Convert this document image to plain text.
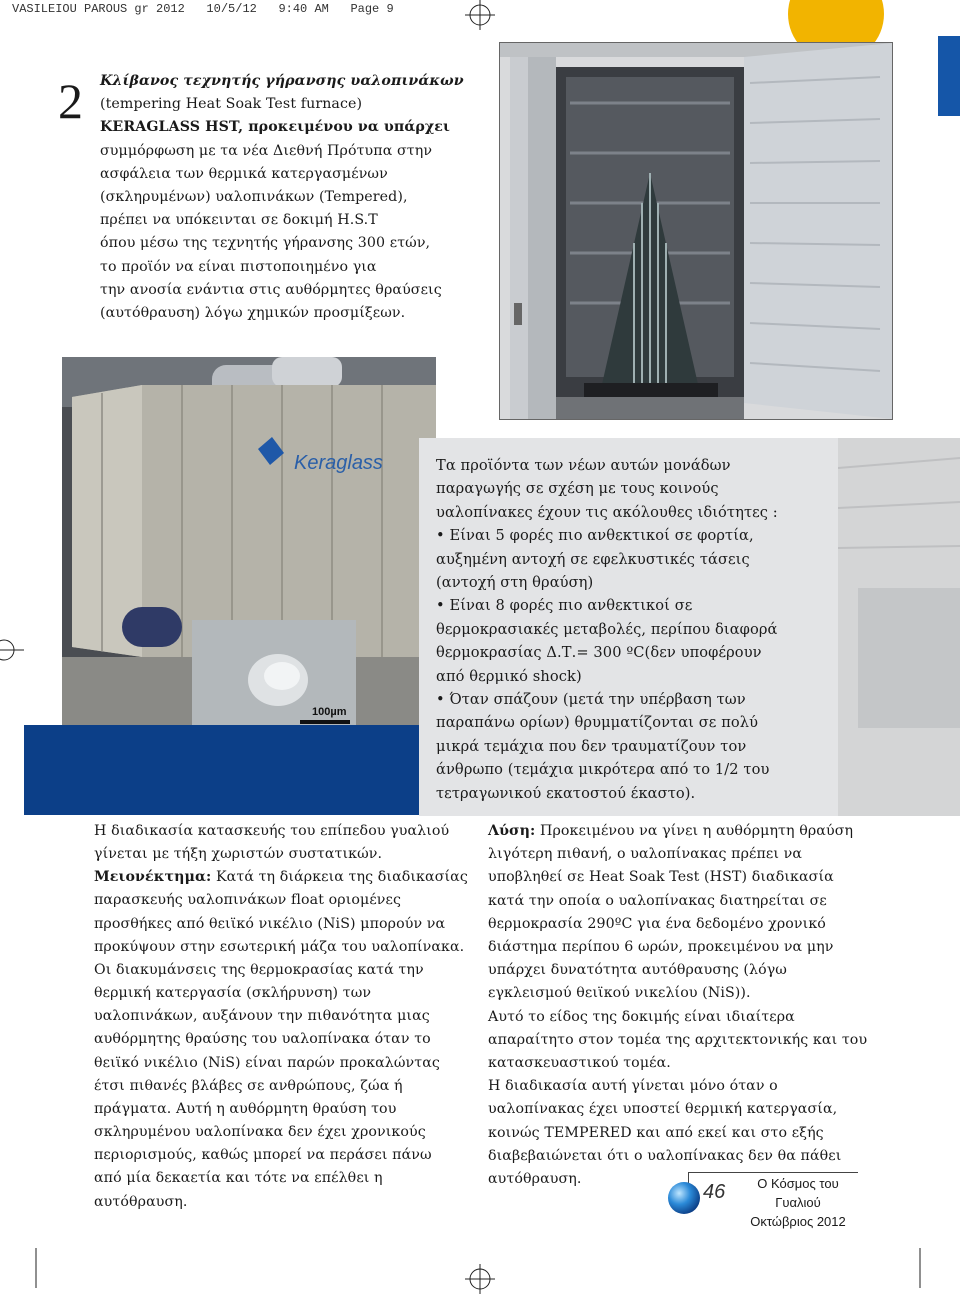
VASILEIOU PAROUS gr 2012   10/5/12   9:40 AM   Page 9
2 Κλίβανος τεχνητής γήρανσης υαλοπινάκων
(tempering Heat Soak Test furnace)
KERAGLASS HST, προκειμένου να υπάρχει
συμμόρφωση με τα νέα Διεθνή Πρότυπα στην
ασφάλεια των θερμικά κατεργασμένων
(σκληρυμένων) υαλοπινάκων (Tempered),
πρέπει να υπόκεινται σε δοκιμή H.S.T
όπου μέσω της τεχνητής γήρανσης 300 ετών,
το προϊόν να είναι πιστοποιημένο για
την ανοσία ενάντια στις αυθόρμητες θραύσεις
(αυτόθραυση) λόγω χημικών προσμίξεων.
Keraglass
100µm
Τα προϊόντα των νέων αυτών μονάδων
παραγωγής σε σχέση με τους κοινούς
υαλοπίνακες έχουν τις ακόλουθες ιδιότητες :
• Είναι 5 φορές πιο ανθεκτικοί σε φορτία,
αυξημένη αντοχή σε εφελκυστικές τάσεις
(αντοχή στη θραύση)
• Είναι 8 φορές πιο ανθεκτικοί σε
θερμοκρασιακές μεταβολές, περίπου διαφορά
θερμοκρασίας Δ.Τ.= 300 ºC(δεν υποφέρουν
από θερμικό shock)
• Όταν σπάζουν (μετά την υπέρβαση των
παραπάνω ορίων) θρυμματίζονται σε πολύ
μικρά τεμάχια που δεν τραυματίζουν τον
άνθρωπο (τεμάχια μικρότερα από το 1/2 του
τετραγωνικού εκατοστού έκαστο).
Η διαδικασία κατασκευής του επίπεδου γυαλιού
γίνεται με τήξη χωριστών συστατικών.
Μειονέκτημα: Κατά τη διάρκεια της διαδικασίας
παρασκευής υαλοπινάκων float οριομένες
προσθήκες από θειϊκό νικέλιο (NiS) μπορούν να
προκύψουν στην εσωτερική μάζα του υαλοπίνακα.
Οι διακυμάνσεις της θερμοκρασίας κατά την
θερμική κατεργασία (σκλήρυνση) των
υαλοπινάκων, αυξάνουν την πιθανότητα μιας
αυθόρμητης θραύσης του υαλοπίνακα όταν το
θειϊκό νικέλιο (NiS) είναι παρών προκαλώντας
έτσι πιθανές βλάβες σε ανθρώπους, ζώα ή
πράγματα. Αυτή η αυθόρμητη θραύση του
σκληρυμένου υαλοπίνακα δεν έχει χρονικούς
περιορισμούς, καθώς μπορεί να περάσει πάνω
από μία δεκαετία και τότε να επέλθει η
αυτόθραυση.
Λύση: Προκειμένου να γίνει η αυθόρμητη θραύση
λιγότερη πιθανή, ο υαλοπίνακας πρέπει να
υποβληθεί σε Heat Soak Test (HST) διαδικασία
κατά την οποία ο υαλοπίνακας διατηρείται σε
θερμοκρασία 290ºC για ένα δεδομένο χρονικό
διάστημα περίπου 6 ωρών, προκειμένου να μην
υπάρχει δυνατότητα αυτόθραυσης (λόγω
εγκλεισμού θειϊκού νικελίου (NiS)).
Αυτό το είδος της δοκιμής είναι ιδιαίτερα
απαραίτητο στον τομέα της αρχιτεκτονικής και του
κατασκευαστικού τομέα.
Η διαδικασία αυτή γίνεται μόνο όταν ο
υαλοπίνακας έχει υποστεί θερμική κατεργασία,
κοινώς TEMPERED και από εκεί και στο εξής
διαβεβαιώνεται ότι ο υαλοπίνακας δεν θα πάθει
αυτόθραυση.
46	Ο Κόσμος του Γυαλιού
Οκτώβριος 2012
